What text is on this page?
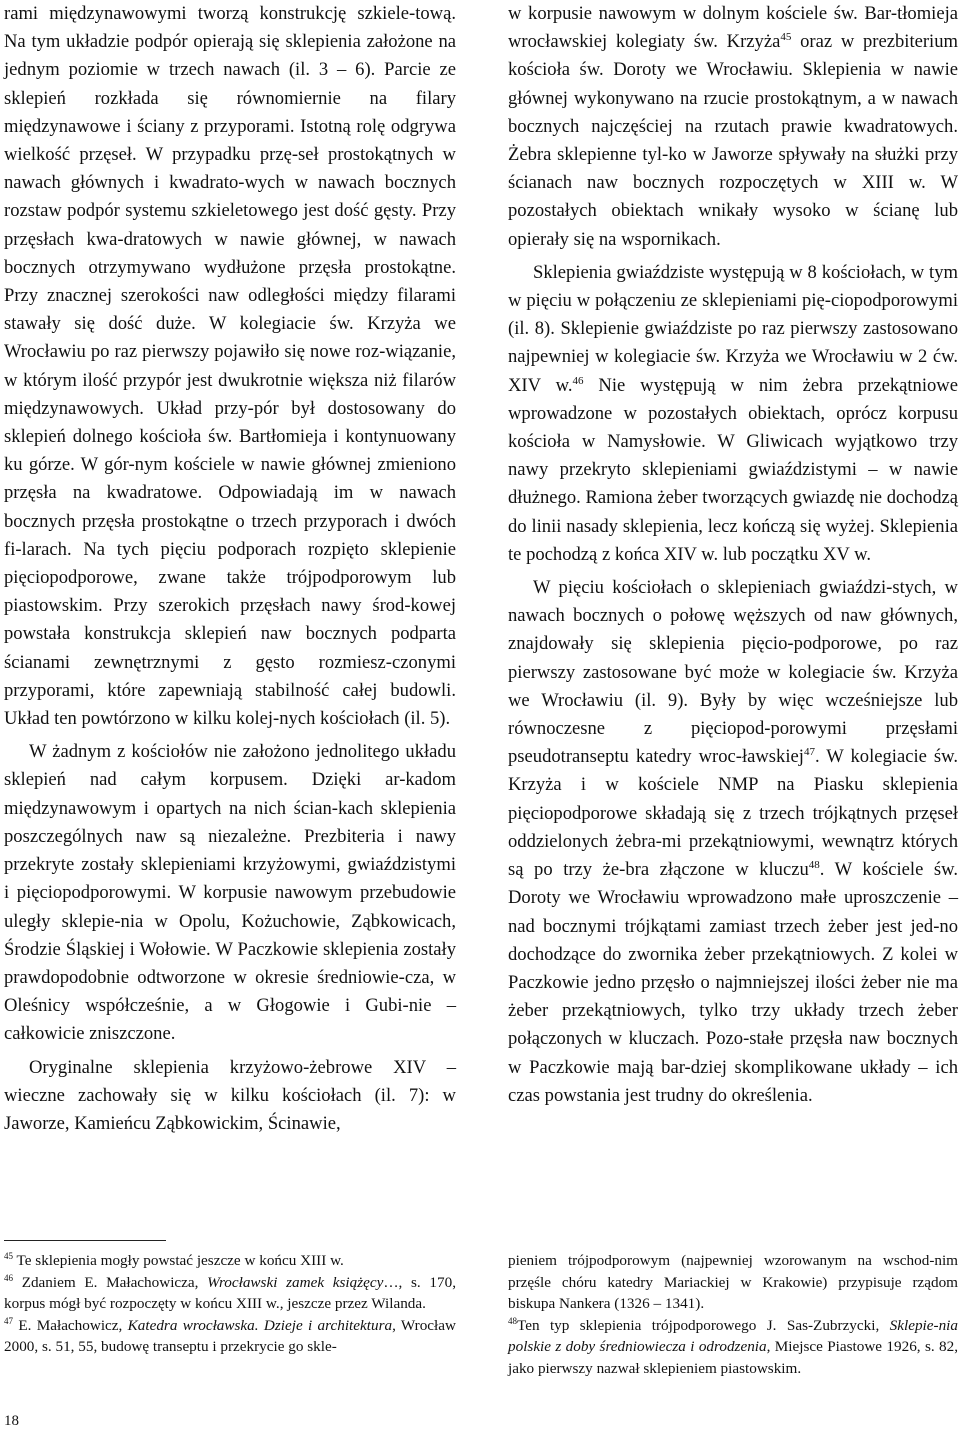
rami międzynawowymi tworzą konstrukcję szkiele-tową. Na tym układzie podpór opierają się sklepienia założone na jednym poziomie w trzech nawach (il. 3 – 6). Parcie ze sklepień rozkłada się równomiernie na filary międzynawowe i ściany z przyporami. Istotną rolę odgrywa wielkość przęseł. W przypadku przę-seł prostokątnych w nawach głównych i kwadrato-wych w nawach bocznych rozstaw podpór systemu szkieletowego jest dość gęsty. Przy przęsłach kwa-dratowych w nawie głównej, w nawach bocznych otrzymywano wydłużone przęsła prostokątne. Przy znacznej szerokości naw odległości między filarami stawały się dość duże. W kolegiacie św. Krzyża we Wrocławiu po raz pierwszy pojawiło się nowe roz-wiązanie, w którym ilość przypór jest dwukrotnie większa niż filarów międzynawowych. Układ przy-pór był dostosowany do sklepień dolnego kościoła św. Bartłomieja i kontynuowany ku górze. W gór-nym kościele w nawie głównej zmieniono przęsła na kwadratowe. Odpowiadają im w nawach bocznych przęsła prostokątne o trzech przyporach i dwóch fi-larach. Na tych pięciu podporach rozpięto sklepienie pięciopodporowe, zwane także trójpodporowym lub piastowskim. Przy szerokich przęsłach nawy środ-kowej powstała konstrukcja sklepień naw bocznych podparta ścianami zewnętrznymi z gęsto rozmiesz-czonymi przyporami, które zapewniają stabilność całej budowli. Układ ten powtórzono w kilku kolej-nych kościołach (il. 5).

W żadnym z kościołów nie założono jednolitego układu sklepień nad całym korpusem. Dzięki ar-kadom międzynawowym i opartych na nich ścian-kach sklepienia poszczególnych naw są niezależne. Prezbiteria i nawy przekryte zostały sklepieniami krzyżowymi, gwiaździstymi i pięciopodporowymi. W korpusie nawowym przebudowie uległy sklepie-nia w Opolu, Kożuchowie, Ząbkowicach, Środzie Śląskiej i Wołowie. W Paczkowie sklepienia zostały prawdopodobnie odtworzone w okresie średniowie-cza, w Oleśnicy współcześnie, a w Głogowie i Gubi-nie – całkowicie zniszczone.

Oryginalne sklepienia krzyżowo-żebrowe XIV – wieczne zachowały się w kilku kościołach (il. 7): w Jaworze, Kamieńcu Ząbkowickim, Ścinawie,

w korpusie nawowym w dolnym kościele św. Bar-tłomieja wrocławskiej kolegiaty św. Krzyża$^{45}$ oraz w prezbiterium kościoła św. Doroty we Wrocławiu. Sklepienia w nawie głównej wykonywano na rzucie prostokątnym, a w nawach bocznych najczęściej na rzutach prawie kwadratowych. Żebra sklepienne tyl-ko w Jaworze spływały na służki przy ścianach naw bocznych rozpoczętych w XIII w. W pozostałych obiektach wnikały wysoko w ścianę lub opierały się na wspornikach.

Sklepienia gwiaździste występują w 8 kościołach, w tym w pięciu w połączeniu ze sklepieniami pię-ciopodporowymi (il. 8). Sklepienie gwiaździste po raz pierwszy zastosowano najpewniej w kolegiacie św. Krzyża we Wrocławiu w 2 ćw. XIV w.$^{46}$ Nie występują w nim żebra przekątniowe wprowadzone w pozostałych obiektach, oprócz korpusu kościoła w Namysłowie. W Gliwicach wyjątkowo trzy nawy przekryto sklepieniami gwiaździstymi – w nawie dłużnego. Ramiona żeber tworzących gwiazdę nie dochodzą do linii nasady sklepienia, lecz kończą się wyżej. Sklepienia te pochodzą z końca XIV w. lub początku XV w.

W pięciu kościołach o sklepieniach gwiaździ-stych, w nawach bocznych o połowę węższych od naw głównych, znajdowały się sklepienia pięcio-podporowe, po raz pierwszy zastosowane być może w kolegiacie św. Krzyża we Wrocławiu (il. 9). Były by więc wcześniejsze lub równoczesne z pięciopod-porowymi przęsłami pseudotranseptu katedry wroc-ławskiej$^{47}$. W kolegiacie św. Krzyża i w kościele NMP na Piasku sklepienia pięciopodporowe składają się z trzech trójkątnych przęseł oddzielonych żebra-mi przekątniowymi, wewnątrz których są po trzy że-bra złączone w kluczu$^{48}$. W kościele św. Doroty we Wrocławiu wprowadzono małe uproszczenie – nad bocznymi trójkątami zamiast trzech żeber jest jed-no dochodzące do zwornika żeber przekątniowych. Z kolei w Paczkowie jedno przęsło o najmniejszej ilości żeber nie ma żeber przekątniowych, tylko trzy układy trzech żeber połączonych w kluczach. Pozo-stałe przęsła naw bocznych w Paczkowie mają bar-dziej skomplikowane układy – ich czas powstania jest trudny do określenia.

$^{45}$ Te sklepienia mogły powstać jeszcze w końcu XIII w.

$^{46}$ Zdaniem E. Małachowicza, Wrocławski zamek książęcy…, s. 170, korpus mógł być rozpoczęty w końcu XIII w., jeszcze przez Wilanda.

$^{47}$ E. Małachowicz, Katedra wrocławska. Dzieje i architektura, Wrocław 2000, s. 51, 55, budowę transeptu i przekrycie go skle-

pieniem trójpodporowym (najpewniej wzorowanym na wschod-nim przęśle chóru katedry Mariackiej w Krakowie) przypisuje rządom biskupa Nankera (1326 – 1341).

$^{48}$Ten typ sklepienia trójpodporowego J. Sas-Zubrzycki, Sklepie-nia polskie z doby średniowiecza i odrodzenia, Miejsce Piastowe 1926, s. 82, jako pierwszy nazwał sklepieniem piastowskim.

18
